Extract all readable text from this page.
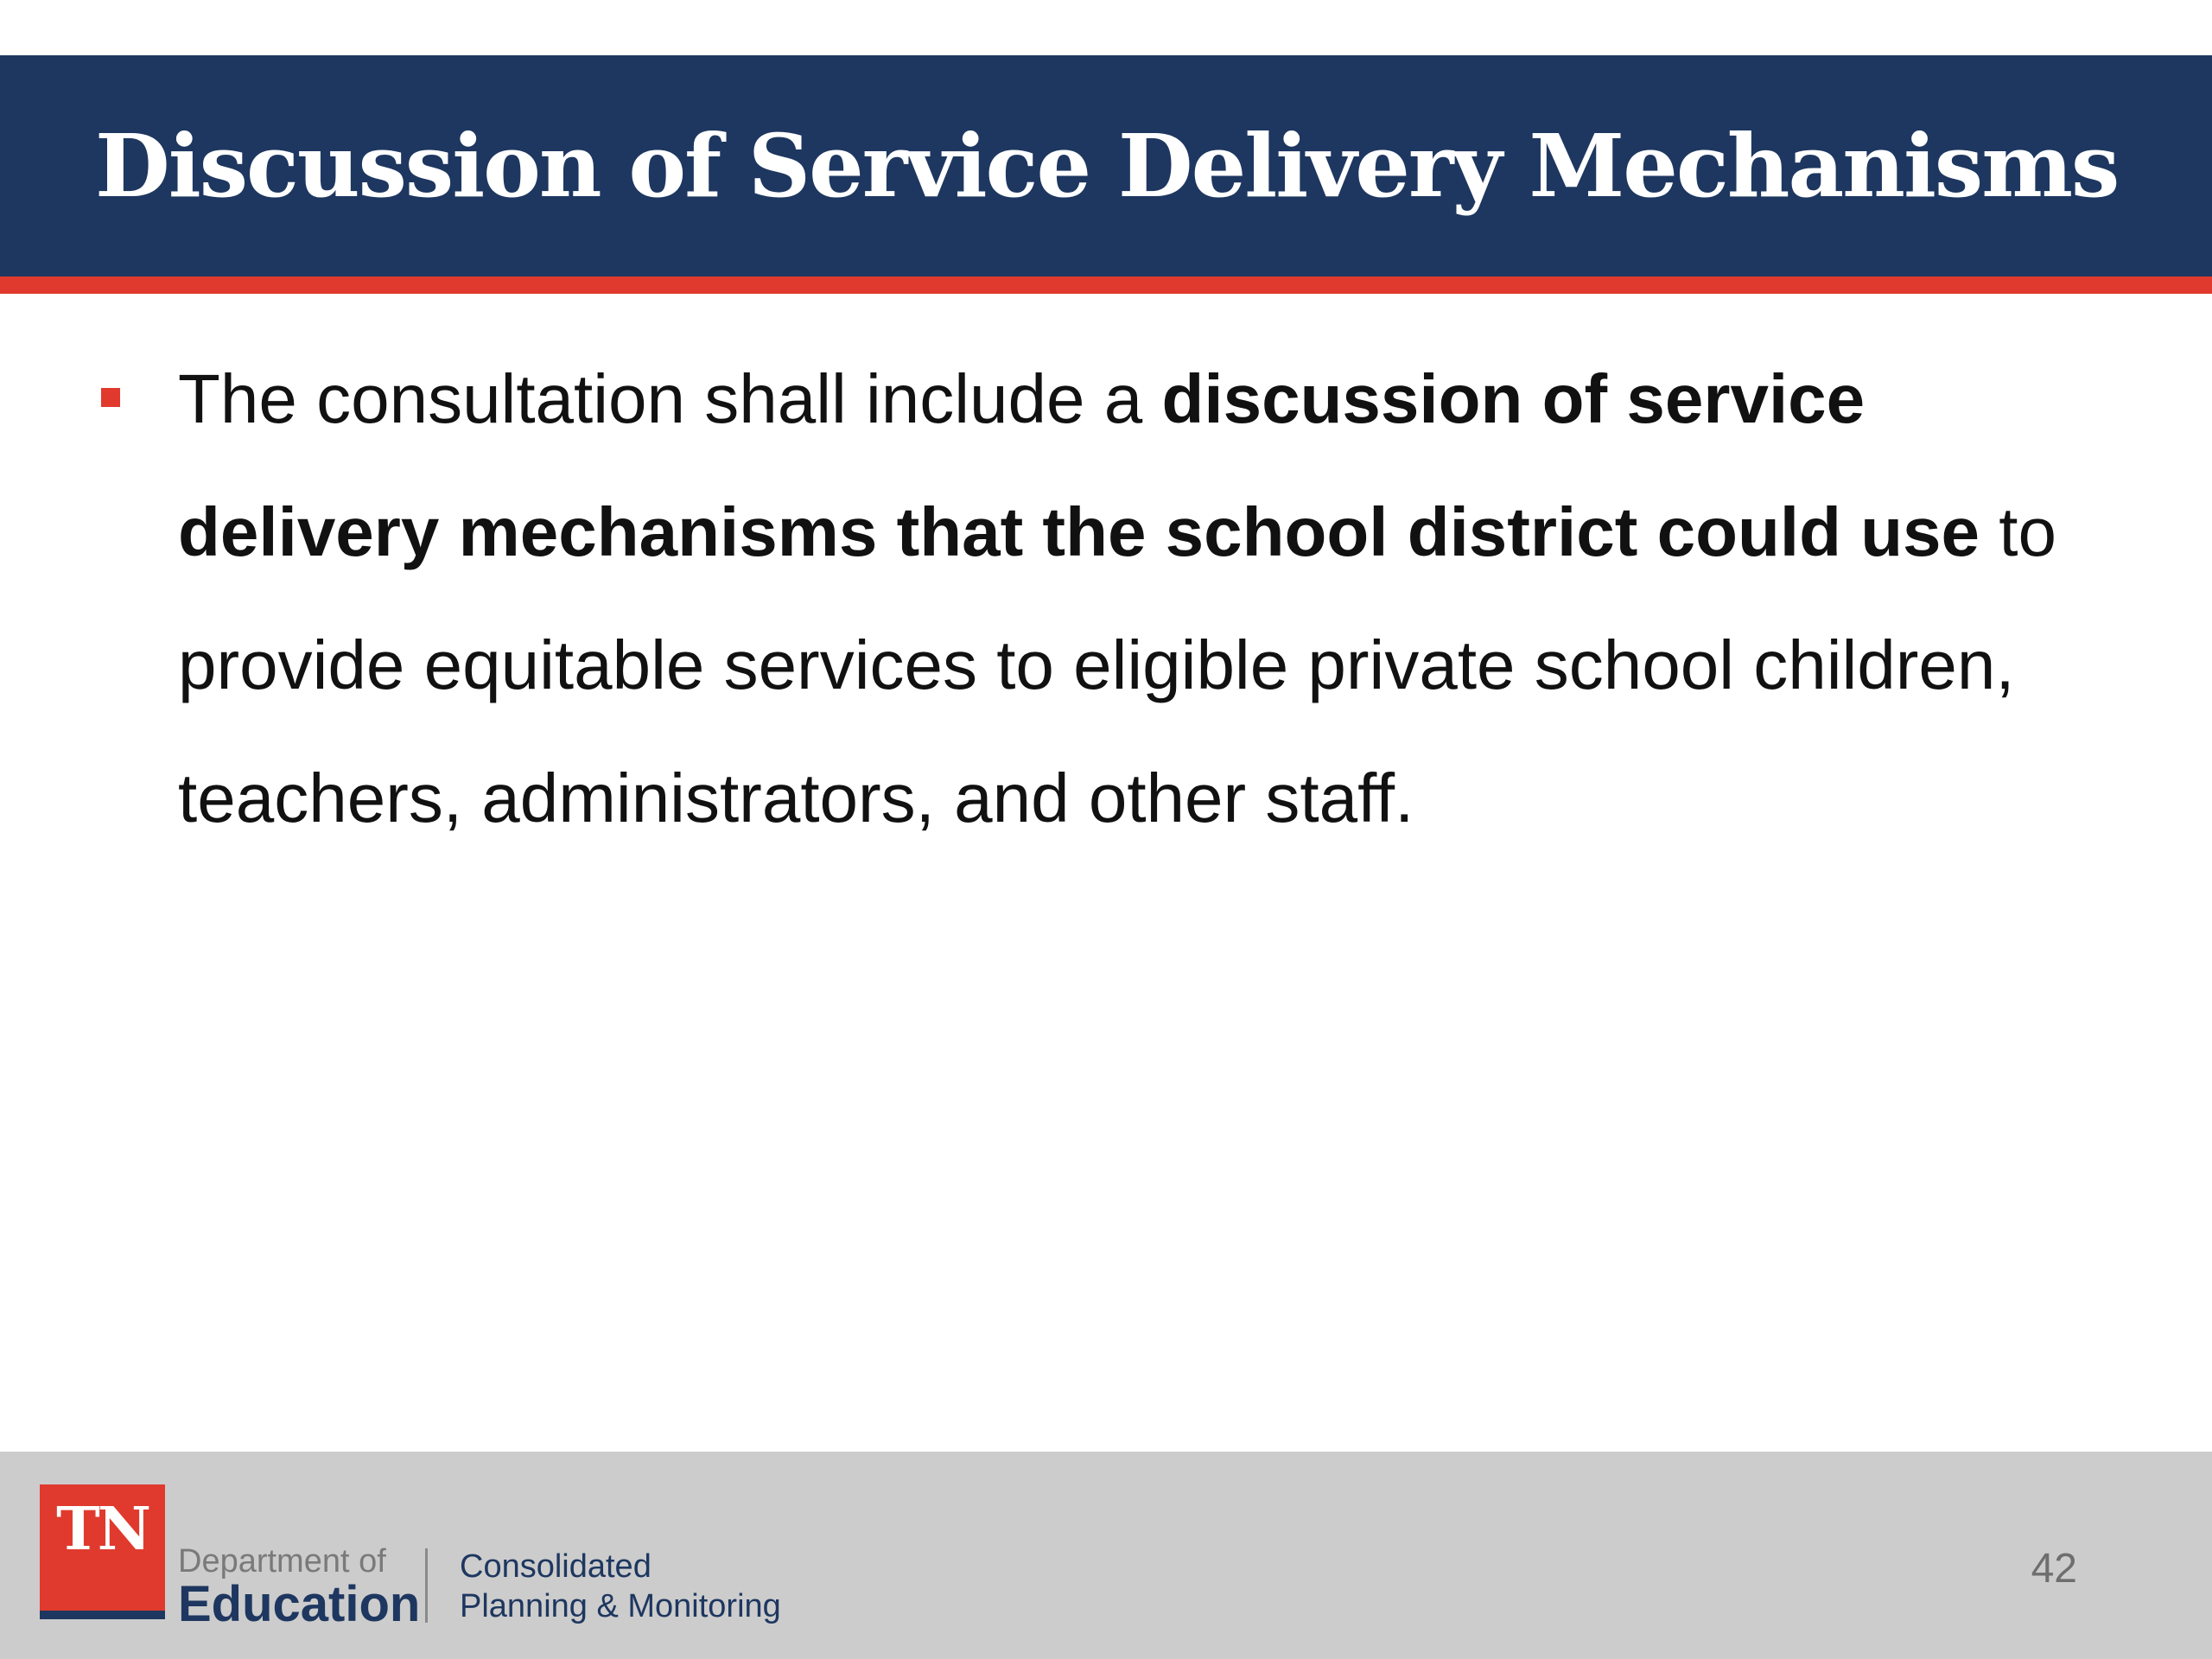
Discussion of Service Delivery Mechanisms
The consultation shall include a discussion of service delivery mechanisms that the school district could use to provide equitable services to eligible private school children, teachers, administrators, and other staff.
TN Department of
Education
Consolidated
Planning & Monitoring
42
